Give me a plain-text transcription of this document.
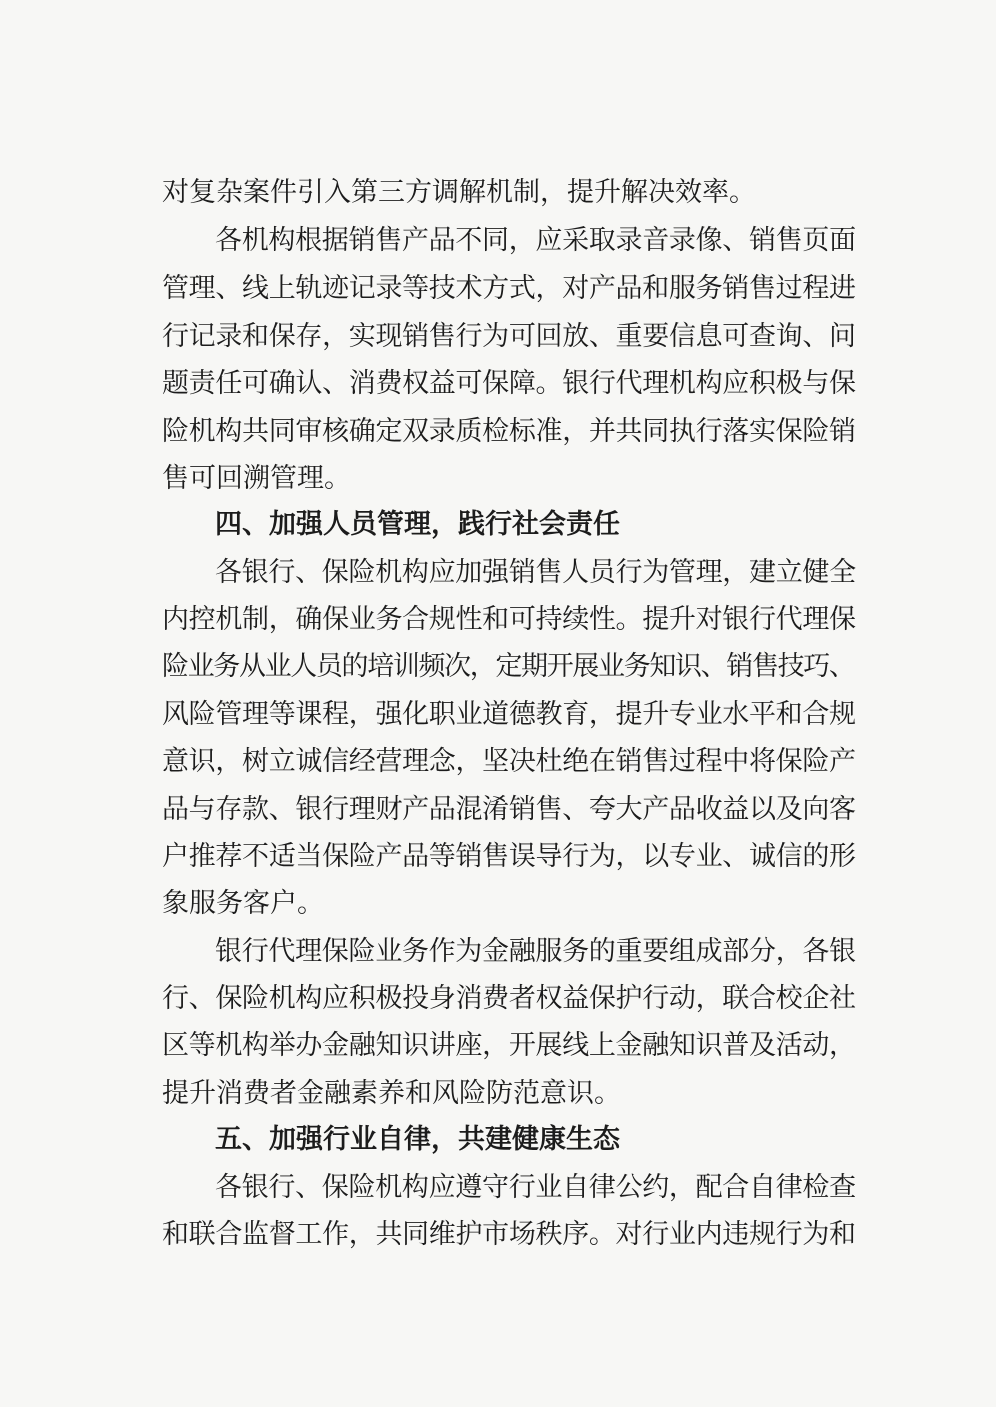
对复杂案件引入第三方调解机制，提升解决效率。
各机构根据销售产品不同，应采取录音录像、销售页面
管理、线上轨迹记录等技术方式，对产品和服务销售过程进
行记录和保存，实现销售行为可回放、重要信息可查询、问
题责任可确认、消费权益可保障。银行代理机构应积极与保
险机构共同审核确定双录质检标准，并共同执行落实保险销
售可回溯管理。
四、加强人员管理，践行社会责任
各银行、保险机构应加强销售人员行为管理，建立健全
内控机制，确保业务合规性和可持续性。提升对银行代理保
险业务从业人员的培训频次，定期开展业务知识、销售技巧、
风险管理等课程，强化职业道德教育，提升专业水平和合规
意识，树立诚信经营理念，坚决杜绝在销售过程中将保险产
品与存款、银行理财产品混淆销售、夸大产品收益以及向客
户推荐不适当保险产品等销售误导行为，以专业、诚信的形
象服务客户。
银行代理保险业务作为金融服务的重要组成部分，各银
行、保险机构应积极投身消费者权益保护行动，联合校企社
区等机构举办金融知识讲座，开展线上金融知识普及活动，
提升消费者金融素养和风险防范意识。
五、加强行业自律，共建健康生态
各银行、保险机构应遵守行业自律公约，配合自律检查
和联合监督工作，共同维护市场秩序。对行业内违规行为和
